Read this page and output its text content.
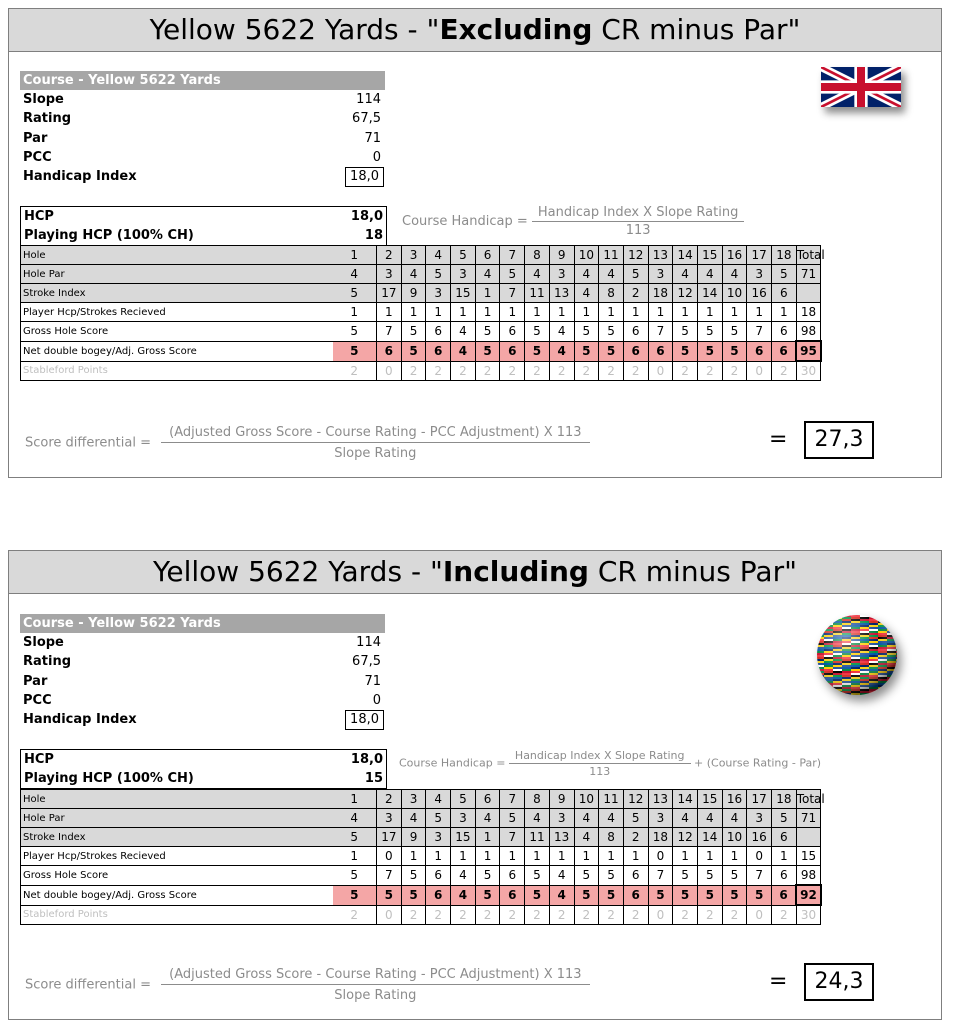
Yellow 5622 Yards - "Excluding CR minus Par"
Course - Yellow 5622 Yards
Slope	114
Rating	67,5
Par	71
PCC	0
Handicap Index	18,0
HCP	18,0
Playing HCP (100% CH)	18
Course Handicap = $\frac{\text{Handicap Index X Slope Rating}}{113}$
Hole	1	2	3	4	5	6	7	8	9	10	11	12	13	14	15	16	17	18	Total
Hole Par	4	3	4	5	3	4	5	4	3	4	4	5	3	4	4	4	3	5	71
Stroke Index	5	17	9	3	15	1	7	11	13	4	8	2	18	12	14	10	16	6	
Player Hcp/Strokes Recieved	1	1	1	1	1	1	1	1	1	1	1	1	1	1	1	1	1	1	18
Gross Hole Score	5	7	5	6	4	5	6	5	4	5	5	6	7	5	5	5	7	6	98
Net double bogey/Adj. Gross Score	5	6	5	6	4	5	6	5	4	5	5	6	6	5	5	5	6	6	95
Stableford Points	2	0	2	2	2	2	2	2	2	2	2	2	0	2	2	2	0	2	30
Score differential =
(Adjusted Gross Score - Course Rating - PCC Adjustment) X 113
Slope Rating
=	27,3
Yellow 5622 Yards - "Including CR minus Par"
Course - Yellow 5622 Yards
Slope	114
Rating	67,5
Par	71
PCC	0
Handicap Index	18,0
HCP	18,0
Playing HCP (100% CH)	15
Course Handicap = $\frac{\text{Handicap Index X Slope Rating}}{113}$ + (Course Rating - Par)
Hole	1	2	3	4	5	6	7	8	9	10	11	12	13	14	15	16	17	18	Total
Hole Par	4	3	4	5	3	4	5	4	3	4	4	5	3	4	4	4	3	5	71
Stroke Index	5	17	9	3	15	1	7	11	13	4	8	2	18	12	14	10	16	6	
Player Hcp/Strokes Recieved	1	0	1	1	1	1	1	1	1	1	1	1	0	1	1	1	0	1	15
Gross Hole Score	5	7	5	6	4	5	6	5	4	5	5	6	7	5	5	5	7	6	98
Net double bogey/Adj. Gross Score	5	5	5	6	4	5	6	5	4	5	5	6	5	5	5	5	5	6	92
Stableford Points	2	0	2	2	2	2	2	2	2	2	2	2	0	2	2	2	0	2	30
Score differential =
(Adjusted Gross Score - Course Rating - PCC Adjustment) X 113
Slope Rating
=	24,3
